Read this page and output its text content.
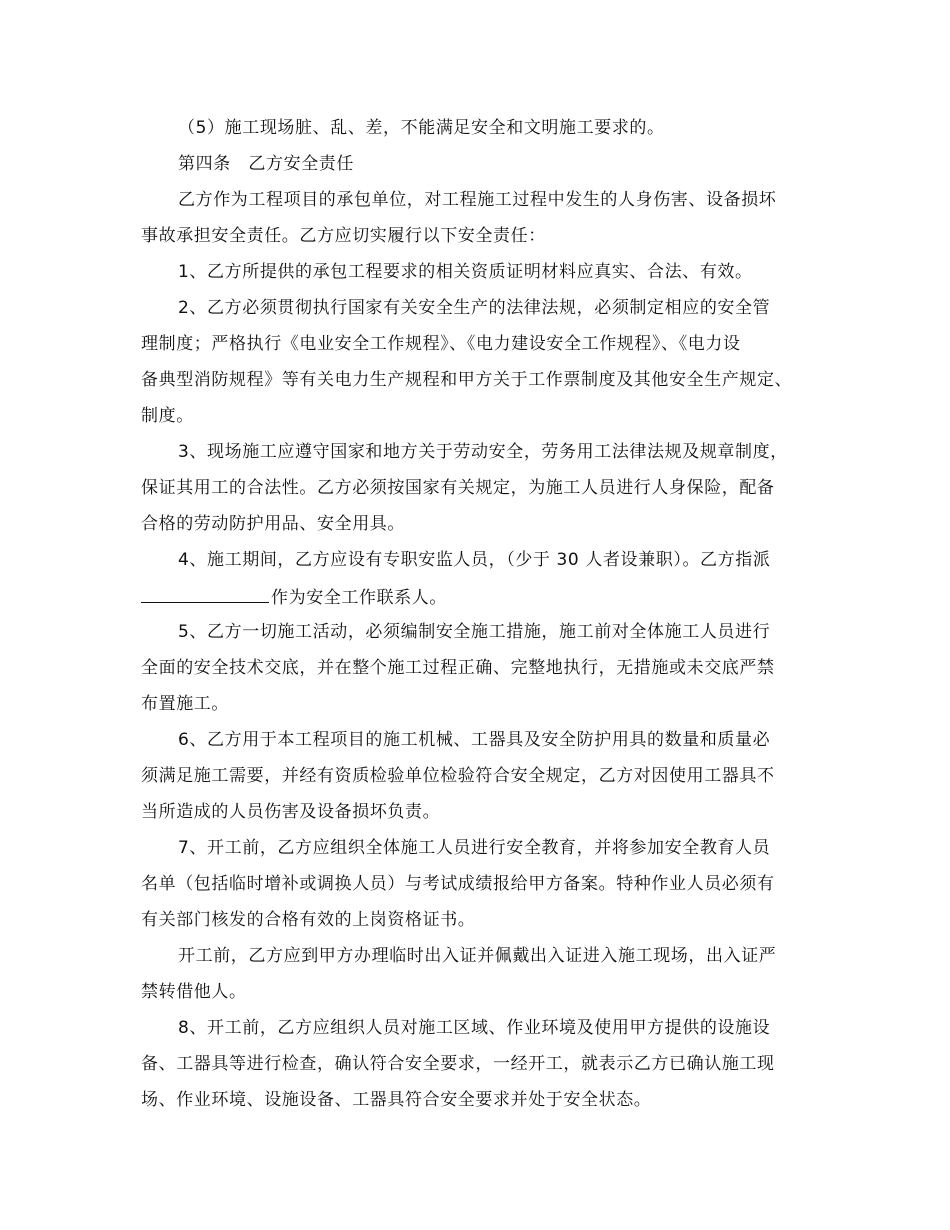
（5）施工现场脏、乱、差，不能满足安全和文明施工要求的。
第四条　乙方安全责任
乙方作为工程项目的承包单位，对工程施工过程中发生的人身伤害、设备损坏
事故承担安全责任。乙方应切实履行以下安全责任：
1、乙方所提供的承包工程要求的相关资质证明材料应真实、合法、有效。
2、乙方必须贯彻执行国家有关安全生产的法律法规，必须制定相应的安全管
理制度；严格执行《电业安全工作规程》、《电力建设安全工作规程》、《电力设
备典型消防规程》等有关电力生产规程和甲方关于工作票制度及其他安全生产规定、
制度。
3、现场施工应遵守国家和地方关于劳动安全，劳务用工法律法规及规章制度，
保证其用工的合法性。乙方必须按国家有关规定，为施工人员进行人身保险，配备
合格的劳动防护用品、安全用具。
4、施工期间，乙方应设有专职安监人员，（少于 30 人者设兼职）。乙方指派
作为安全工作联系人。
5、乙方一切施工活动，必须编制安全施工措施，施工前对全体施工人员进行
全面的安全技术交底，并在整个施工过程正确、完整地执行，无措施或未交底严禁
布置施工。
6、乙方用于本工程项目的施工机械、工器具及安全防护用具的数量和质量必
须满足施工需要，并经有资质检验单位检验符合安全规定，乙方对因使用工器具不
当所造成的人员伤害及设备损坏负责。
7、开工前，乙方应组织全体施工人员进行安全教育，并将参加安全教育人员
名单（包括临时增补或调换人员）与考试成绩报给甲方备案。特种作业人员必须有
有关部门核发的合格有效的上岗资格证书。
开工前，乙方应到甲方办理临时出入证并佩戴出入证进入施工现场，出入证严
禁转借他人。
8、开工前，乙方应组织人员对施工区域、作业环境及使用甲方提供的设施设
备、工器具等进行检查，确认符合安全要求，一经开工，就表示乙方已确认施工现
场、作业环境、设施设备、工器具符合安全要求并处于安全状态。
